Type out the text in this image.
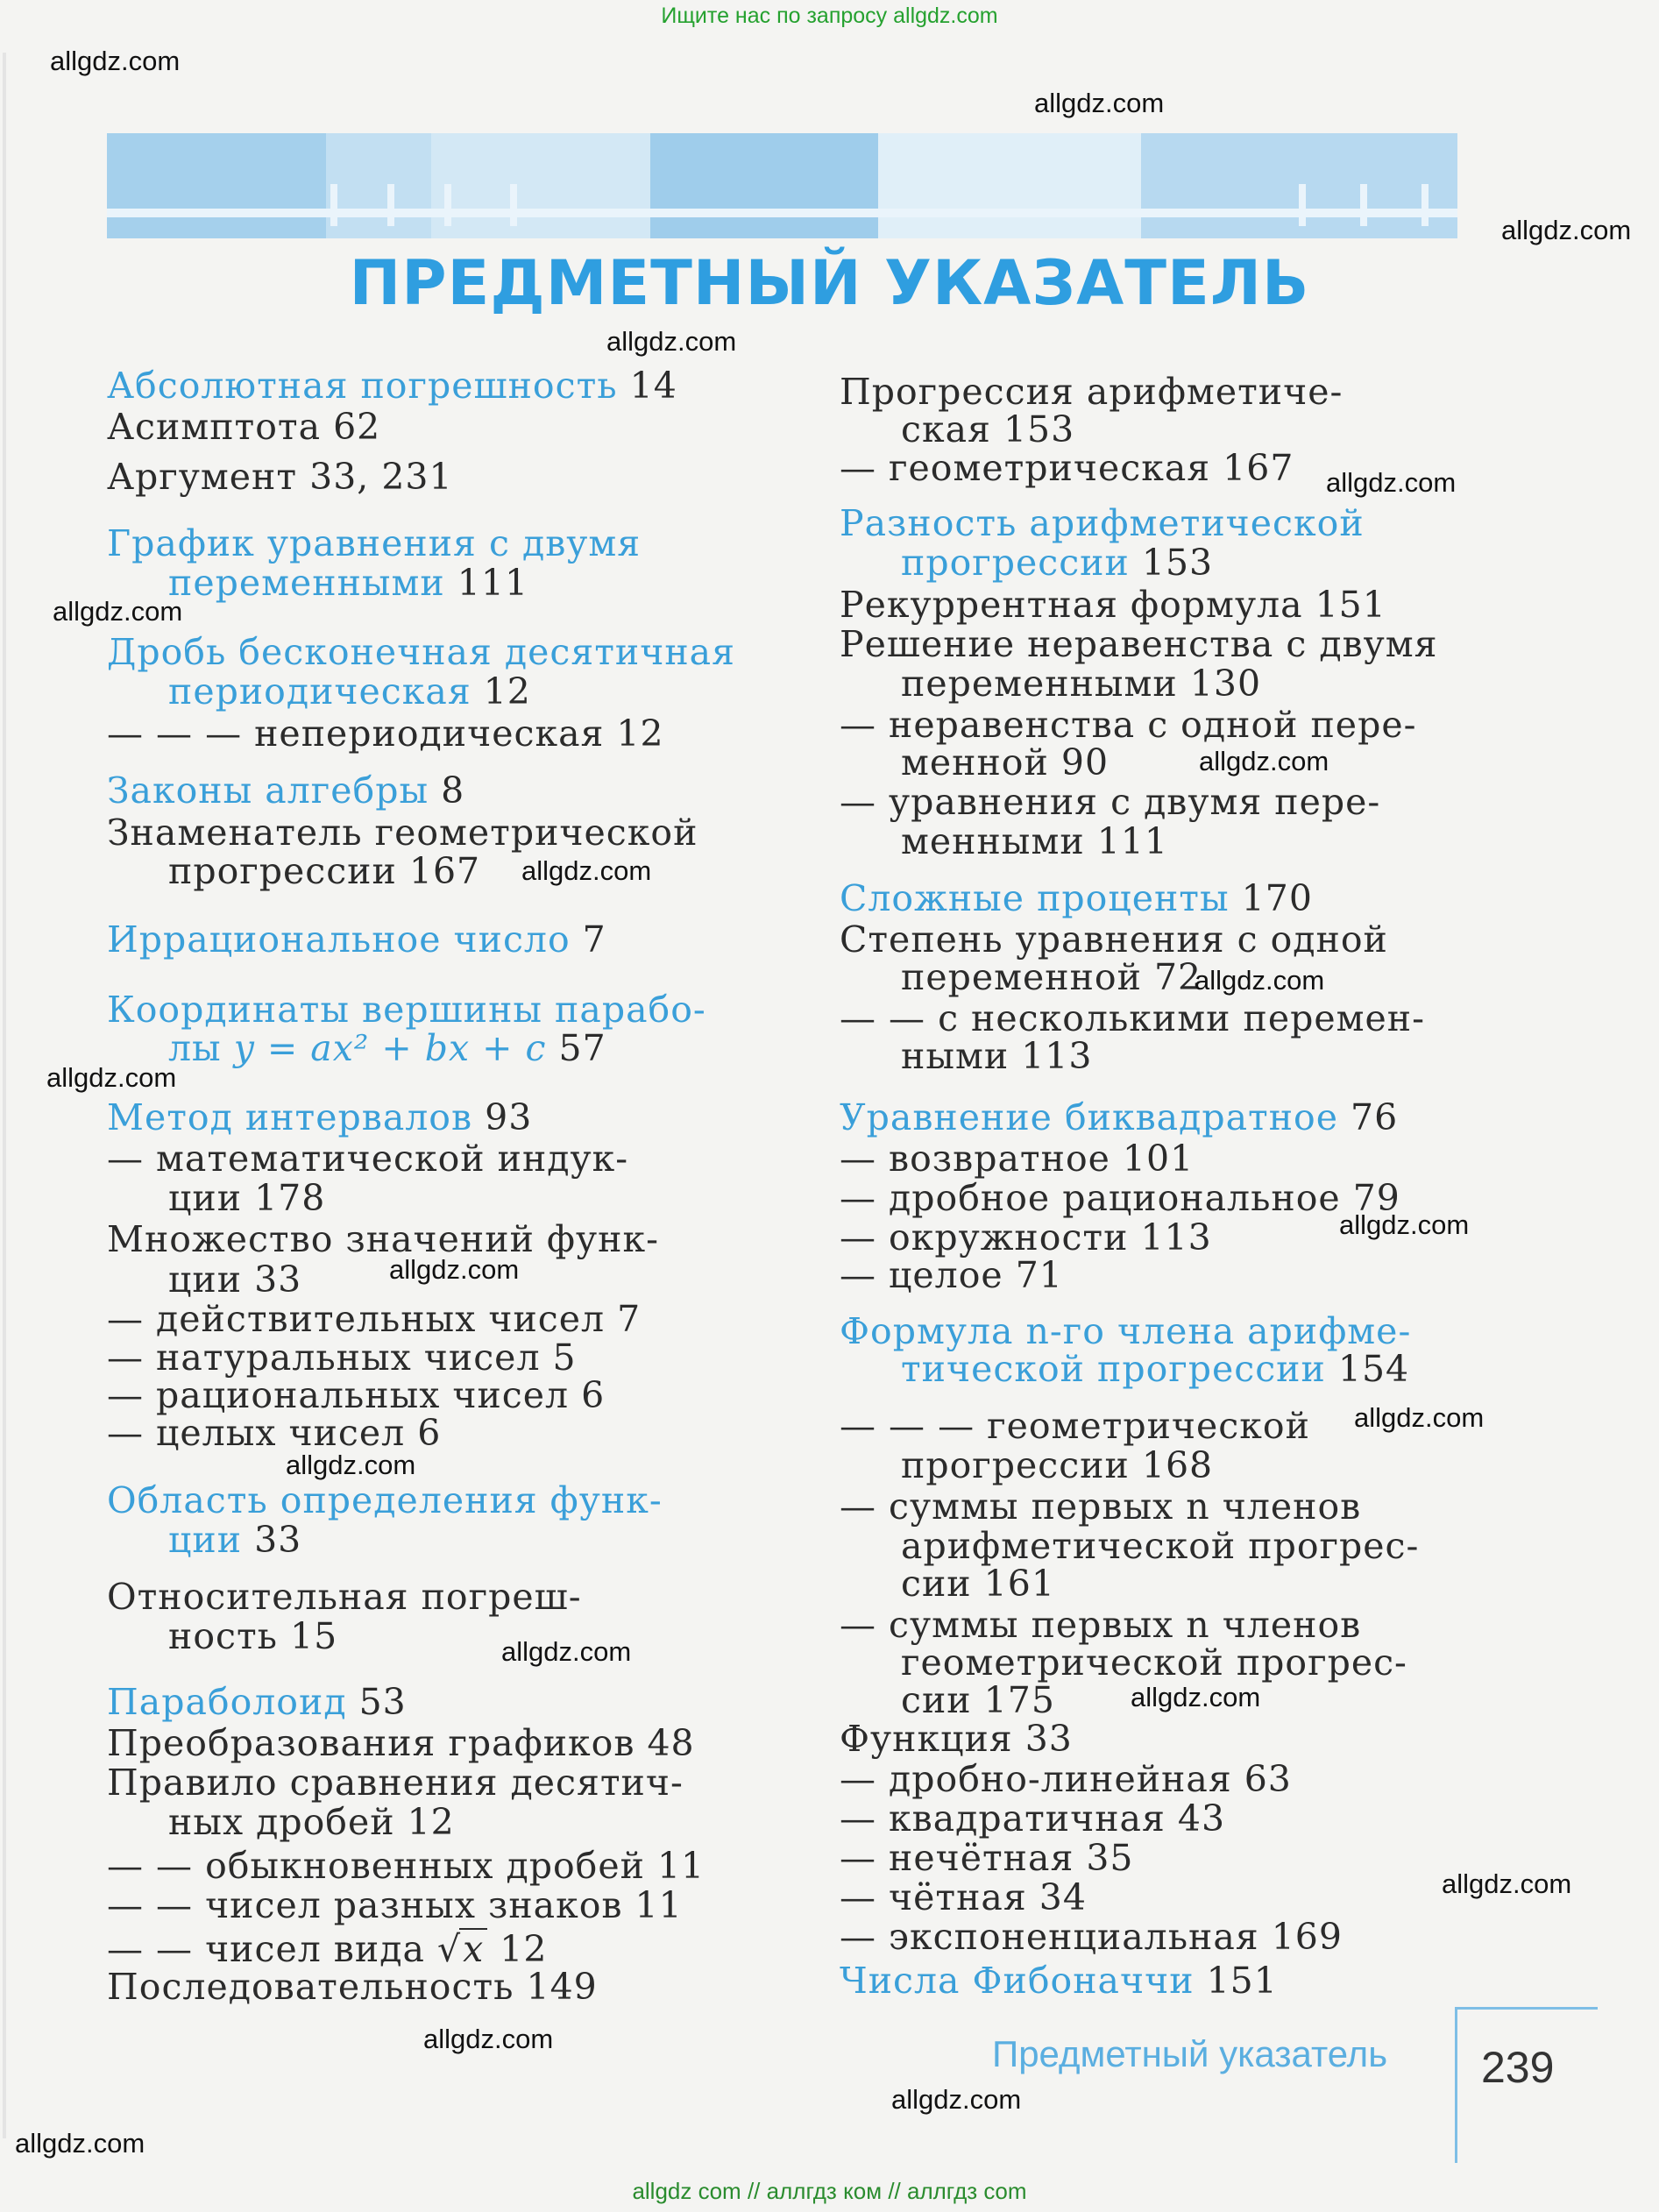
Ищите нас по запросу allgdz.com
ПРЕДМЕТНЫЙ УКАЗАТЕЛЬ
Абсолютная погрешность 14
Асимптота 62
Аргумент 33, 231
График уравнения с двумя
переменными 111
Дробь бесконечная десятичная
периодическая 12
— — — непериодическая 12
Законы алгебры 8
Знаменатель геометрической
прогрессии 167
Иррациональное число 7
Координаты вершины парабо-
лы y = ax² + bx + c 57
Метод интервалов 93
— математической индук-
ции 178
Множество значений функ-
ции 33
— действительных чисел 7
— натуральных чисел 5
— рациональных чисел 6
— целых чисел 6
Область определения функ-
ции 33
Относительная погреш-
ность 15
Параболоид 53
Преобразования графиков 48
Правило сравнения десятич-
ных дробей 12
— — обыкновенных дробей 11
— — чисел разных знаков 11
— — чисел вида √x 12
Последовательность 149
Прогрессия арифметиче-
ская 153
— геометрическая 167
Разность арифметической
прогрессии 153
Рекуррентная формула 151
Решение неравенства с двумя
переменными 130
— неравенства с одной пере-
менной 90
— уравнения с двумя пере-
менными 111
Сложные проценты 170
Степень уравнения с одной
переменной 72
— — с несколькими перемен-
ными 113
Уравнение биквадратное 76
— возвратное 101
— дробное рациональное 79
— окружности 113
— целое 71
Формула n-го члена арифме-
тической прогрессии 154
— — — геометрической
прогрессии 168
— суммы первых n членов
арифметической прогрес-
сии 161
— суммы первых n членов
геометрической прогрес-
сии 175
Функция 33
— дробно-линейная 63
— квадратичная 43
— нечётная 35
— чётная 34
— экспоненциальная 169
Числа Фибоначчи 151
Предметный указатель 239
allgdz com // аллгдз ком // аллгдз com
allgdz.com
allgdz.com
allgdz.com
allgdz.com
allgdz.com
allgdz.com
allgdz.com
allgdz.com
allgdz.com
allgdz.com
allgdz.com
allgdz.com
allgdz.com
allgdz.com
allgdz.com
allgdz.com
allgdz.com
allgdz.com
allgdz.com
allgdz.com
